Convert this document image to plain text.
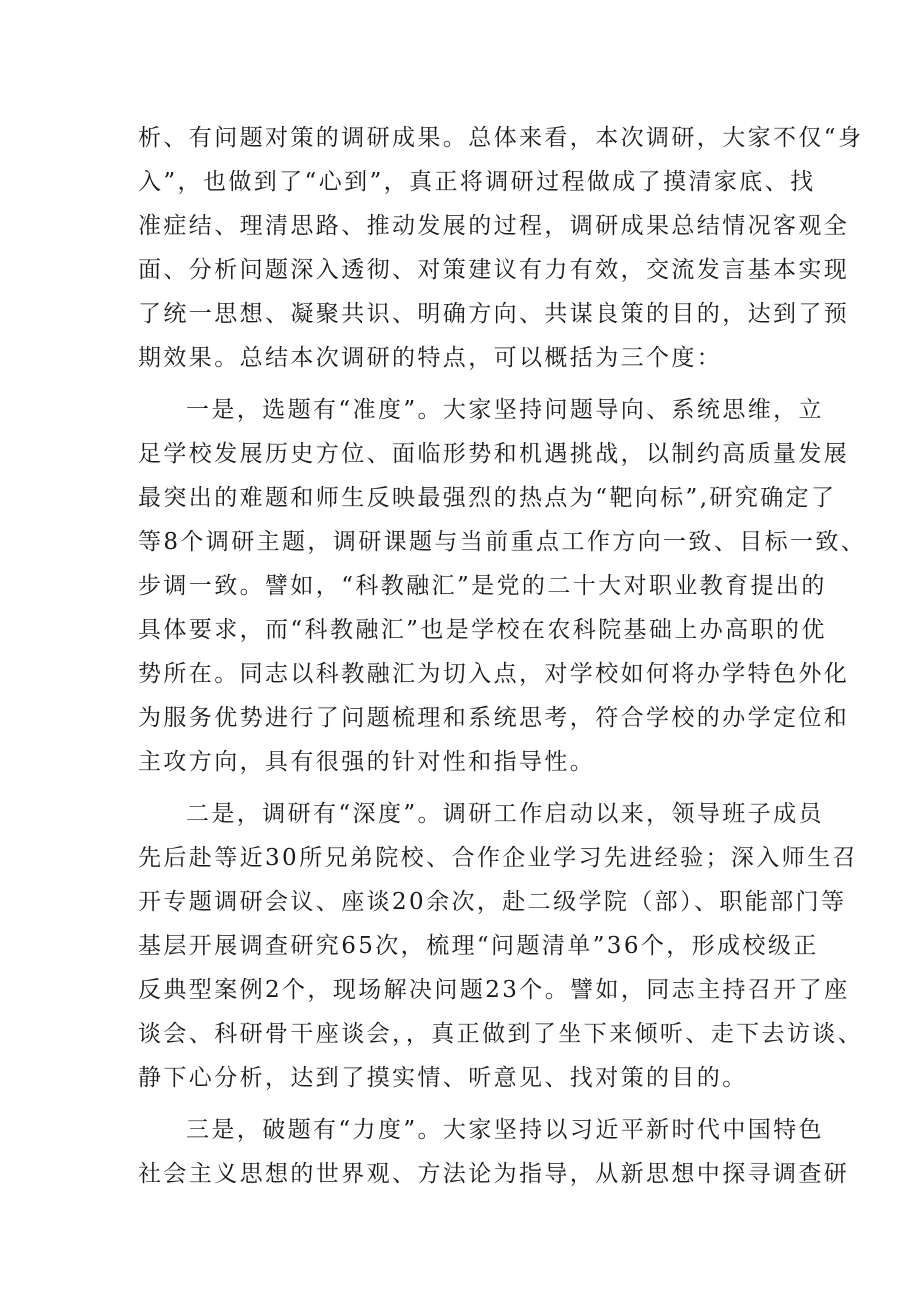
析、有问题对策的调研成果。总体来看，本次调研，大家不仅“身
入”，也做到了“心到”，真正将调研过程做成了摸清家底、找
准症结、理清思路、推动发展的过程，调研成果总结情况客观全
面、分析问题深入透彻、对策建议有力有效，交流发言基本实现
了统一思想、凝聚共识、明确方向、共谋良策的目的，达到了预
期效果。总结本次调研的特点，可以概括为三个度：
一是，选题有“准度”。大家坚持问题导向、系统思维，立
足学校发展历史方位、面临形势和机遇挑战，以制约高质量发展
最突出的难题和师生反映最强烈的热点为“靶向标”,研究确定了
等8个调研主题，调研课题与当前重点工作方向一致、目标一致、
步调一致。譬如，“科教融汇”是党的二十大对职业教育提出的
具体要求，而“科教融汇”也是学校在农科院基础上办高职的优
势所在。同志以科教融汇为切入点，对学校如何将办学特色外化
为服务优势进行了问题梳理和系统思考，符合学校的办学定位和
主攻方向，具有很强的针对性和指导性。
二是，调研有“深度”。调研工作启动以来，领导班子成员
先后赴等近30所兄弟院校、合作企业学习先进经验；深入师生召
开专题调研会议、座谈20余次，赴二级学院（部）、职能部门等
基层开展调查研究65次，梳理“问题清单”36个，形成校级正
反典型案例2个，现场解决问题23个。譬如，同志主持召开了座
谈会、科研骨干座谈会，，真正做到了坐下来倾听、走下去访谈、
静下心分析，达到了摸实情、听意见、找对策的目的。
三是，破题有“力度”。大家坚持以习近平新时代中国特色
社会主义思想的世界观、方法论为指导，从新思想中探寻调查研
